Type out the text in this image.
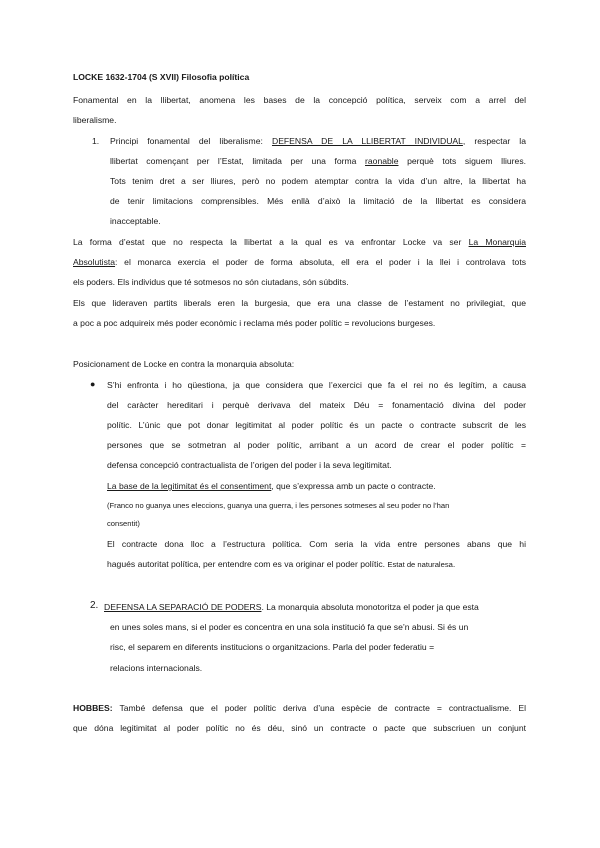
LOCKE 1632-1704 (S XVII) Filosofia política
Fonamental en la llibertat, anomena les bases de la concepció política, serveix com a arrel del
liberalisme.
1. Principi fonamental del liberalisme: DEFENSA DE LA LLIBERTAT INDIVIDUAL, respectar la
llibertat començant per l’Estat, limitada per una forma raonable perquè tots siguem lliures.
Tots tenim dret a ser lliures, però no podem atemptar contra la vida d’un altre, la llibertat ha
de tenir limitacions comprensibles. Més enllà d’això la limitació de la llibertat es considera
inacceptable.
La forma d’estat que no respecta la llibertat a la qual es va enfrontar Locke va ser La Monarquia
Absolutista: el monarca exercia el poder de forma absoluta, ell era el poder i la llei i controlava tots
els poders. Els individus que té sotmesos no són ciutadans, són súbdits.
Els que lideraven partits liberals eren la burgesia, que era una classe de l’estament no privilegiat, que
a poc a poc adquireix més poder econòmic i reclama més poder polític = revolucions burgeses.
Posicionament de Locke en contra la monarquia absoluta:
● S’hi enfronta i ho qüestiona, ja que considera que l’exercici que fa el rei no és legítim, a causa
del caràcter hereditari i perquè derivava del mateix Déu = fonamentació divina del poder
polític. L’únic que pot donar legitimitat al poder polític és un pacte o contracte subscrit de les
persones que se sotmetran al poder polític, arribant a un acord de crear el poder polític =
defensa concepció contractualista de l’origen del poder i la seva legitimitat.
La base de la legitimitat és el consentiment, que s’expressa amb un pacte o contracte.
(Franco no guanya unes eleccions, guanya una guerra, i les persones sotmeses al seu poder no l’han
consentit)
El contracte dona lloc a l’estructura política. Com seria la vida entre persones abans que hi
hagués autoritat política, per entendre com es va originar el poder polític. Estat de naturalesa.
2. DEFENSA LA SEPARACIÓ DE PODERS. La monarquia absoluta monotoritza el poder ja que esta
en unes soles mans, si el poder es concentra en una sola institució fa que se’n abusi. Si és un
risc, el separem en diferents institucions o organitzacions. Parla del poder federatiu =
relacions internacionals.
HOBBES: També defensa que el poder polític deriva d’una espècie de contracte = contractualisme. El
que dóna legitimitat al poder polític no és déu, sinó un contracte o pacte que subscriuen un conjunt
